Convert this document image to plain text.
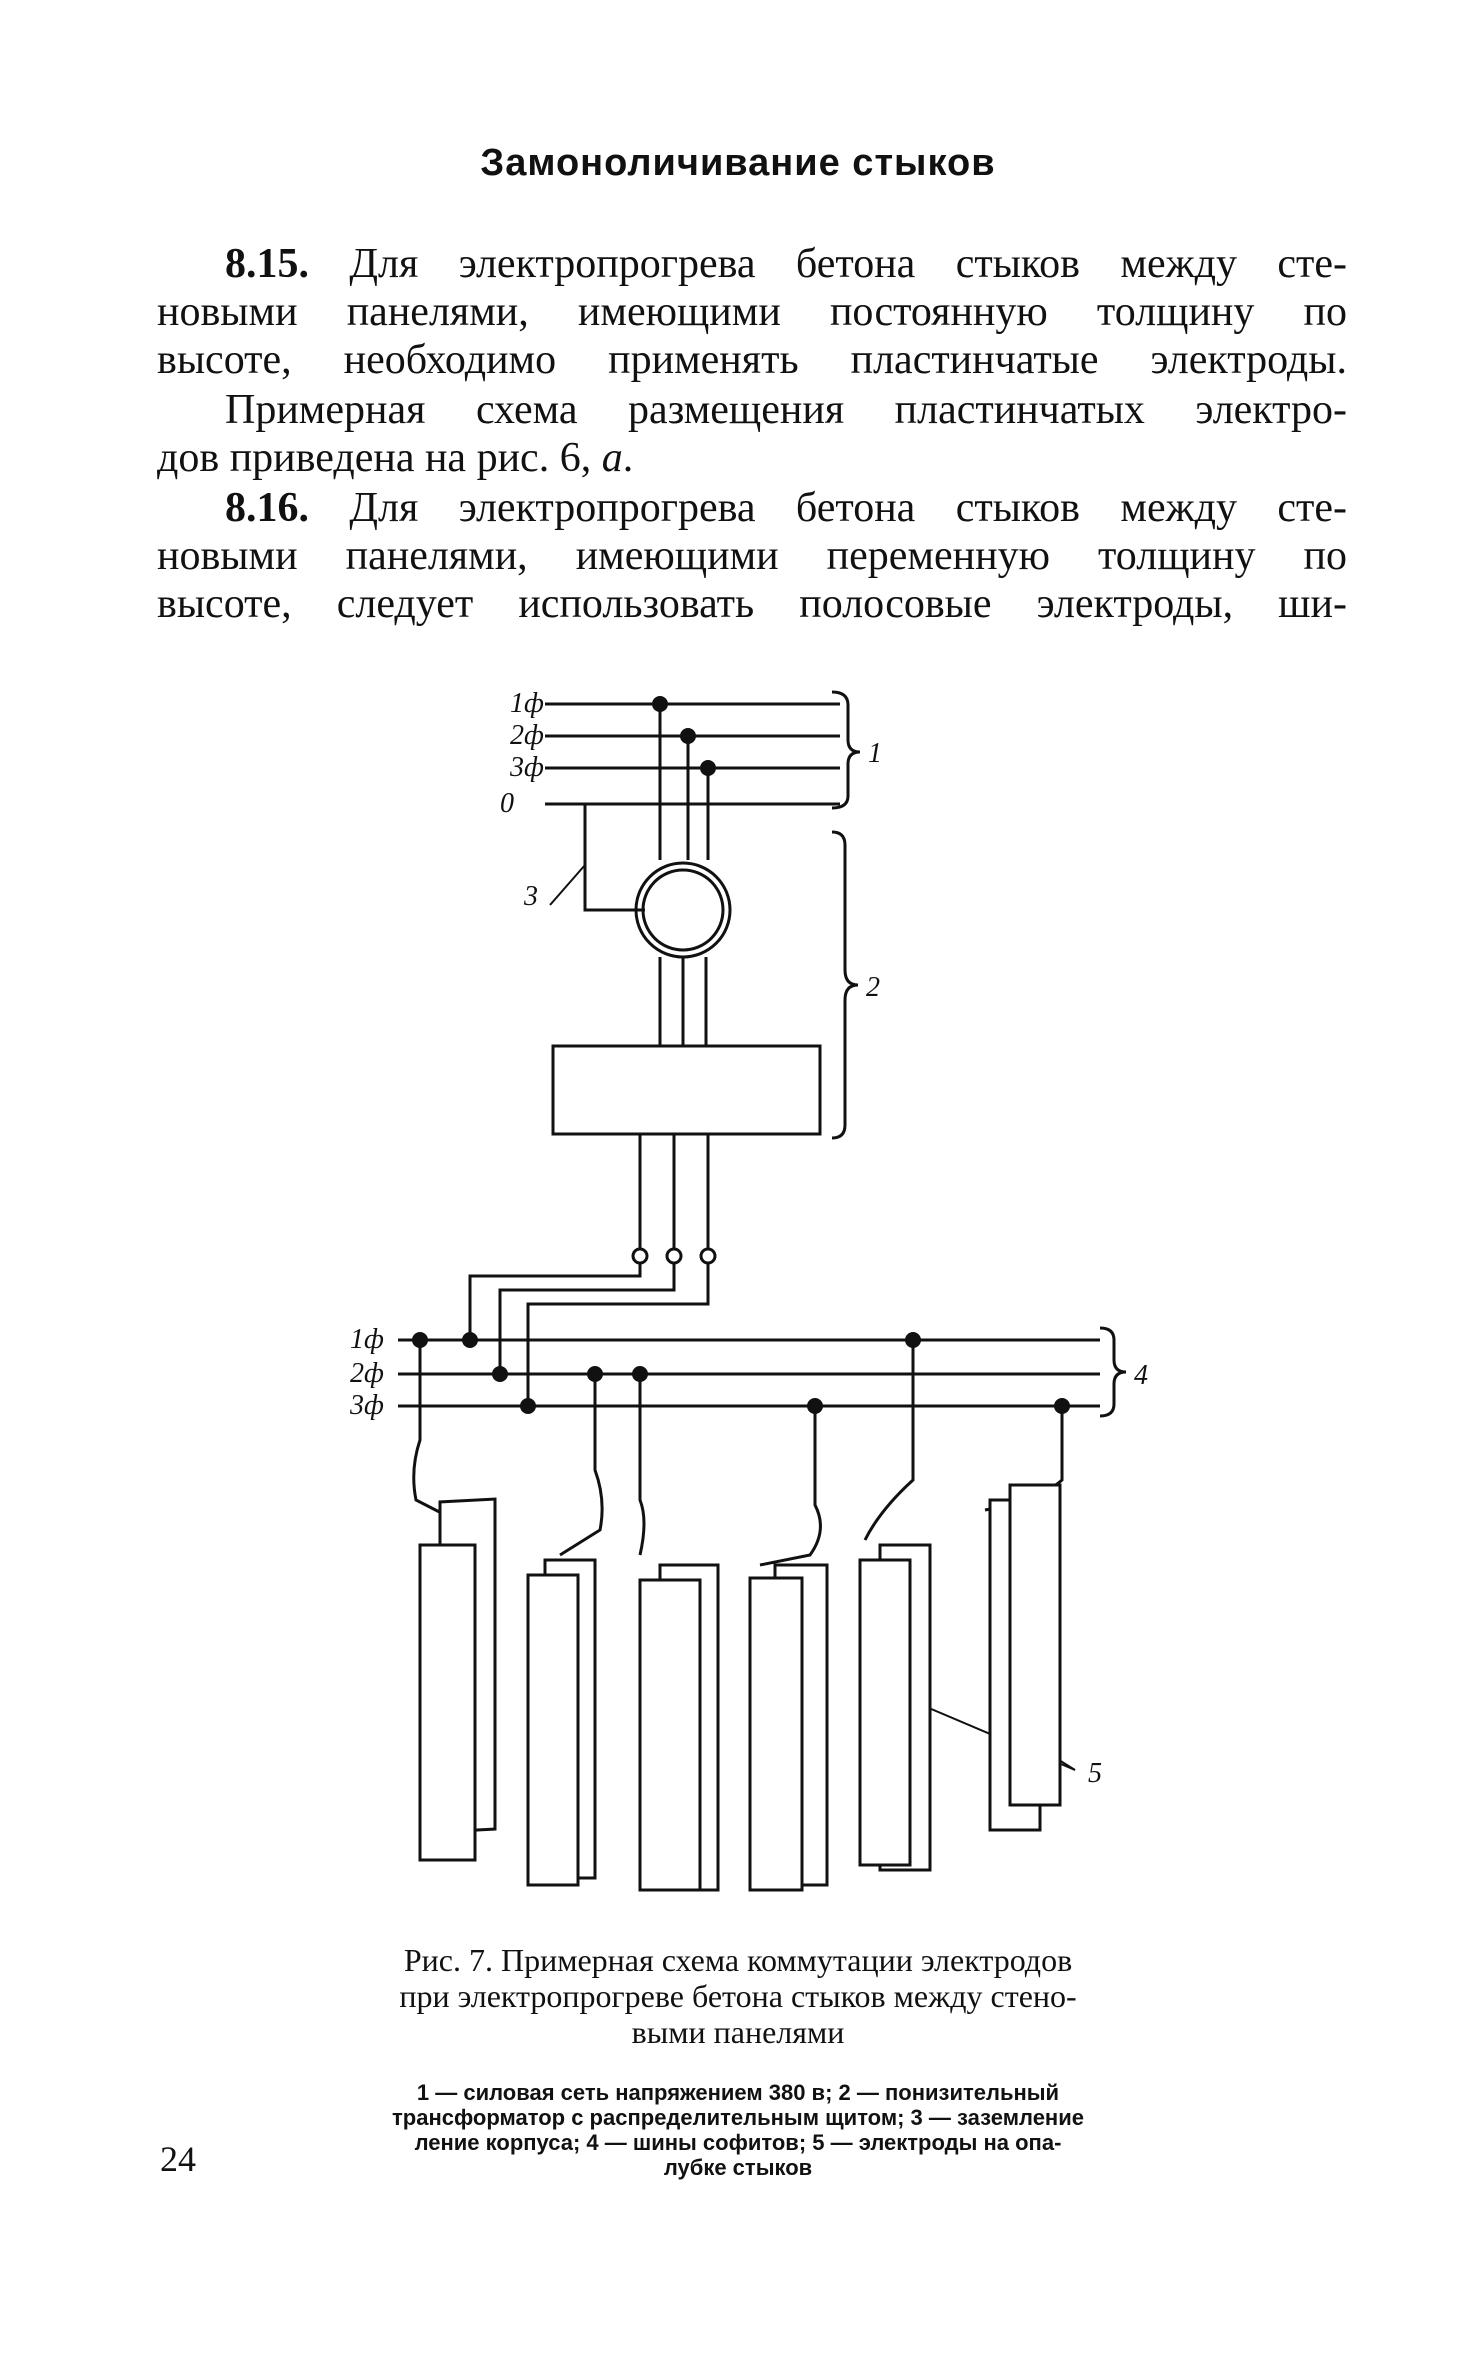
Замоноличивание стыков
8.15. Для электропрогрева бетона стыков между сте-
новыми панелями, имеющими постоянную толщину по
высоте, необходимо применять пластинчатые электроды.
Примерная схема размещения пластинчатых электро-
дов приведена на рис. 6, а.
8.16. Для электропрогрева бетона стыков между сте-
новыми панелями, имеющими переменную толщину по
высоте, следует использовать полосовые электроды, ши-
1ф
2ф
3ф
0
1ф
2ф
3ф
1
2
3
4
5
Рис. 7. Примерная схема коммутации электродов
при электропрогреве бетона стыков между стено-
выми панелями
1 — силовая сеть напряжением 380 в; 2 — понизительный
трансформатор с распределительным щитом; 3 — заземление
ление корпуса; 4 — шины софитов; 5 — электроды на опа-
лубке стыков
24
